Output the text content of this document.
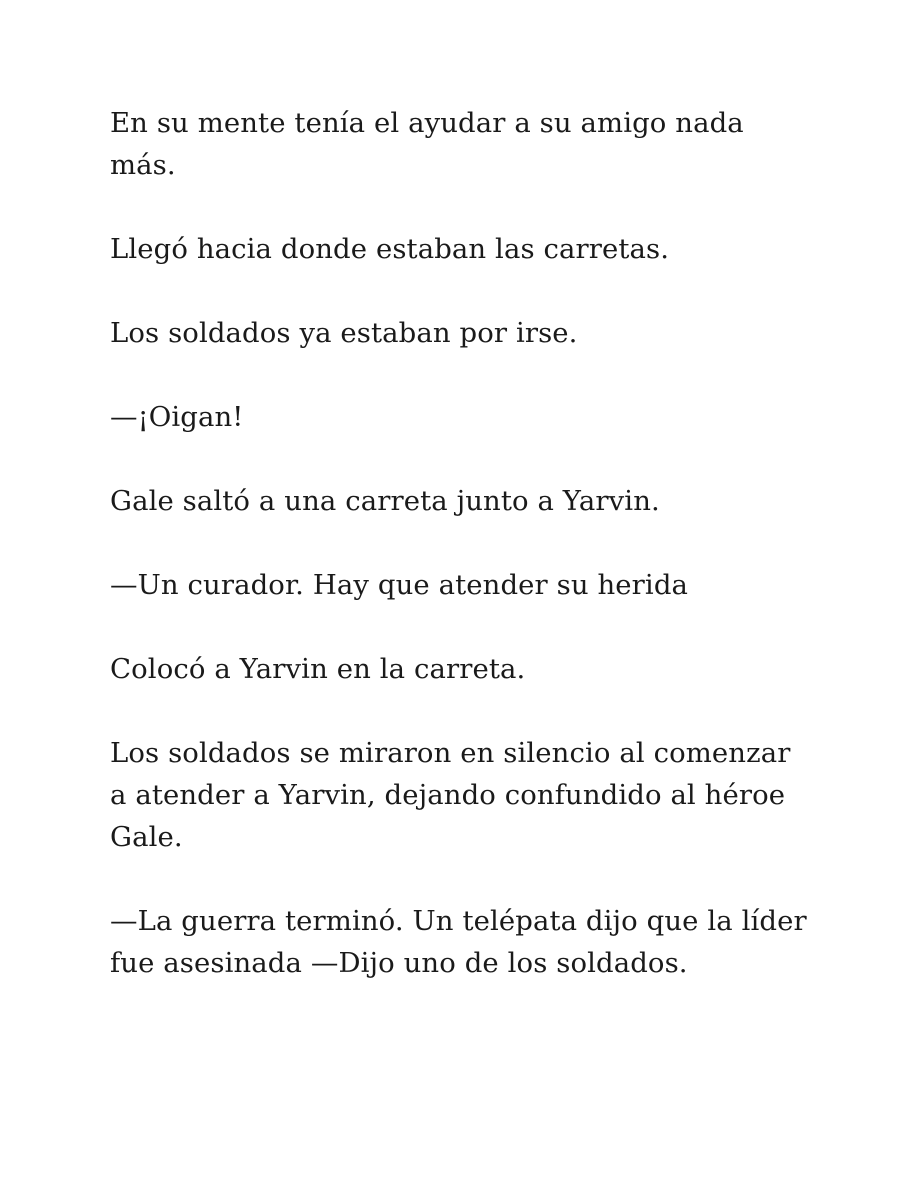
En su mente tenía el ayudar a su amigo nada más.

Llegó hacia donde estaban las carretas.

Los soldados ya estaban por irse.

—¡Oigan!

Gale saltó a una carreta junto a Yarvin.

—Un curador. Hay que atender su herida

Colocó a Yarvin en la carreta.

Los soldados se miraron en silencio al comenzar a atender a Yarvin, dejando confundido al héroe Gale.

—La guerra terminó. Un telépata dijo que la líder fue asesinada —Dijo uno de los soldados.
